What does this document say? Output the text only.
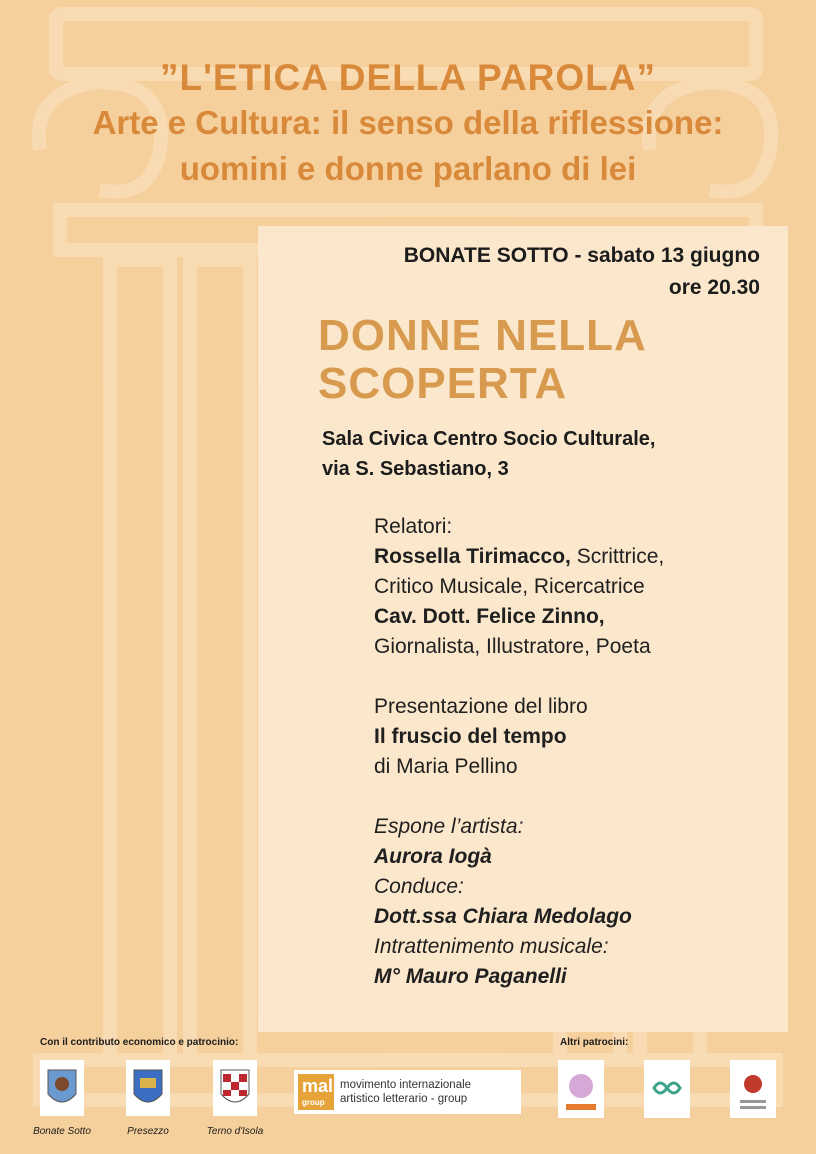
”L'ETICA DELLA PAROLA”
Arte e Cultura: il senso della riflessione:
uomini e donne parlano di lei
BONATE SOTTO - sabato 13 giugno
ore 20.30
DONNE NELLA
SCOPERTA
Sala Civica Centro Socio Culturale,
via S. Sebastiano, 3
Relatori:
Rossella Tirimacco, Scrittrice,
Critico Musicale, Ricercatrice
Cav. Dott. Felice Zinno,
Giornalista, Illustratore, Poeta
Presentazione del libro
Il fruscio del tempo
di Maria Pellino
Espone l’artista:
Aurora Iogà
Conduce:
Dott.ssa Chiara Medolago
Intrattenimento musicale:
M° Mauro Paganelli
Con il contributo economico e patrocinio:	Altri patrocini:
Bonate Sotto	Presezzo	Terno d'Isola
mal
group
movimento internazionale
artistico letterario - group
